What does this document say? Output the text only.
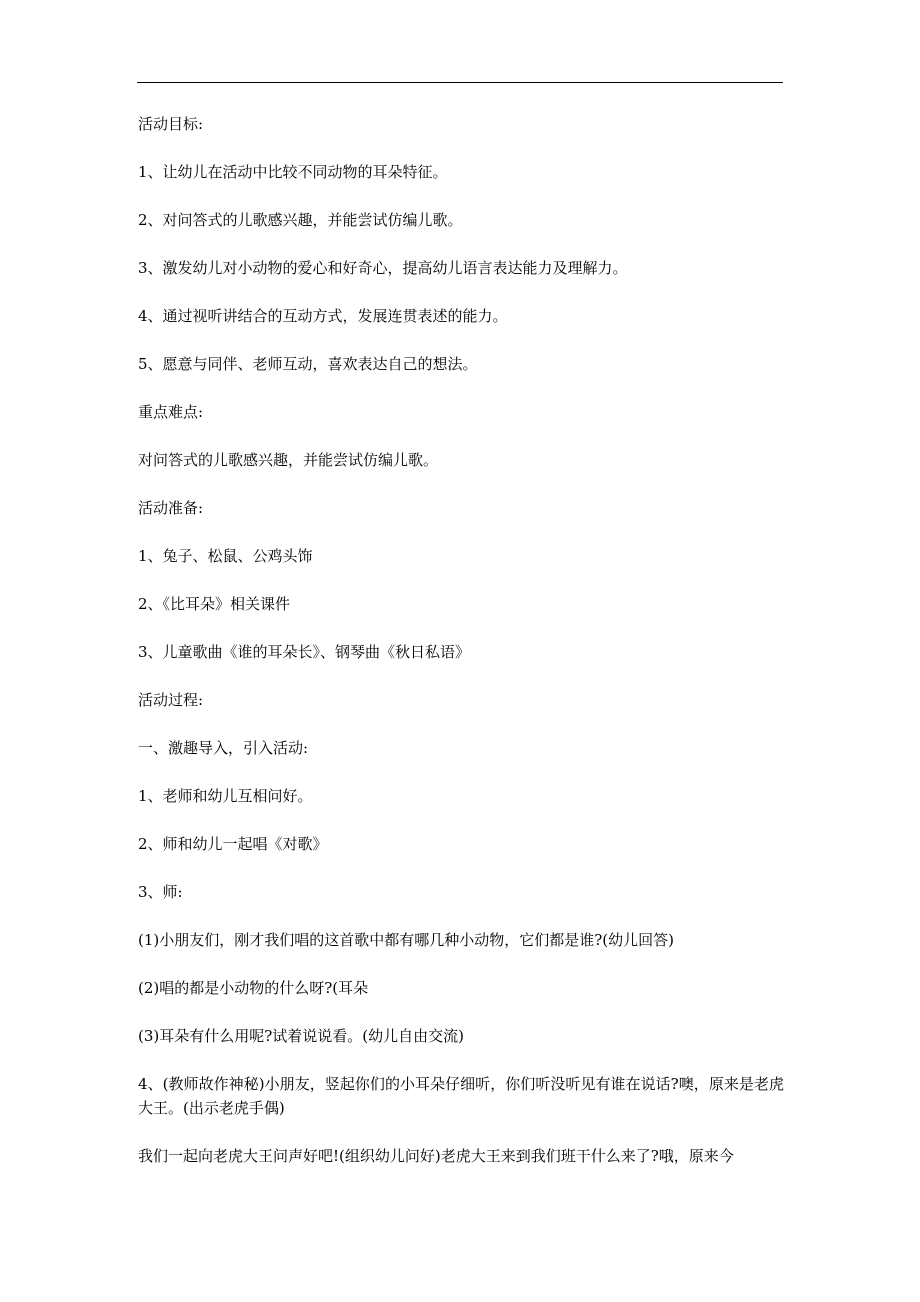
活动目标:
1、让幼儿在活动中比较不同动物的耳朵特征。
2、对问答式的儿歌感兴趣，并能尝试仿编儿歌。
3、激发幼儿对小动物的爱心和好奇心，提高幼儿语言表达能力及理解力。
4、通过视听讲结合的互动方式，发展连贯表述的能力。
5、愿意与同伴、老师互动，喜欢表达自己的想法。
重点难点:
对问答式的儿歌感兴趣，并能尝试仿编儿歌。
活动准备:
1、兔子、松鼠、公鸡头饰
2、《比耳朵》相关课件
3、儿童歌曲《谁的耳朵长》、钢琴曲《秋日私语》
活动过程:
一、激趣导入，引入活动:
1、老师和幼儿互相问好。
2、师和幼儿一起唱《对歌》
3、师:
(1)小朋友们，刚才我们唱的这首歌中都有哪几种小动物，它们都是谁?(幼儿回答)
(2)唱的都是小动物的什么呀?(耳朵
(3)耳朵有什么用呢?试着说说看。(幼儿自由交流)
4、(教师故作神秘)小朋友，竖起你们的小耳朵仔细听，你们听没听见有谁在说话?噢，原来是老虎大王。(出示老虎手偶)
我们一起向老虎大王问声好吧!(组织幼儿问好)老虎大王来到我们班干什么来了?哦，原来今
